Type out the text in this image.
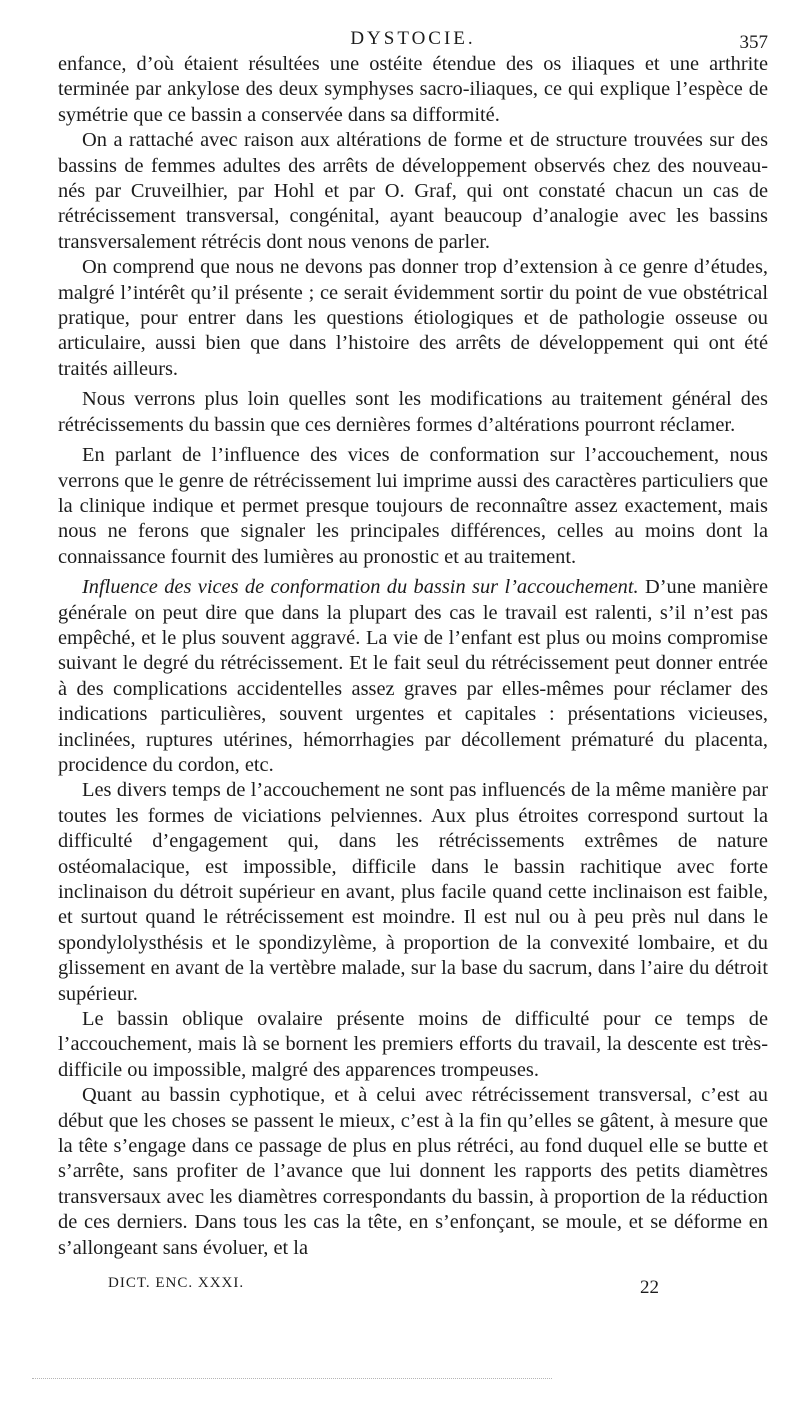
DYSTOCIE.	357

enfance, d’où étaient résultées une ostéite étendue des os iliaques et une arthrite terminée par ankylose des deux symphyses sacro-iliaques, ce qui explique l’espèce de symétrie que ce bassin a conservée dans sa difformité.

On a rattaché avec raison aux altérations de forme et de structure trouvées sur des bassins de femmes adultes des arrêts de développement observés chez des nouveau-nés par Cruveilhier, par Hohl et par O. Graf, qui ont constaté chacun un cas de rétrécissement transversal, congénital, ayant beaucoup d’analogie avec les bassins transversalement rétrécis dont nous venons de parler.

On comprend que nous ne devons pas donner trop d’extension à ce genre d’études, malgré l’intérêt qu’il présente ; ce serait évidemment sortir du point de vue obstétrical pratique, pour entrer dans les questions étiologiques et de pathologie osseuse ou articulaire, aussi bien que dans l’histoire des arrêts de développement qui ont été traités ailleurs.

Nous verrons plus loin quelles sont les modifications au traitement général des rétrécissements du bassin que ces dernières formes d’altérations pourront réclamer.

En parlant de l’influence des vices de conformation sur l’accouchement, nous verrons que le genre de rétrécissement lui imprime aussi des caractères particuliers que la clinique indique et permet presque toujours de reconnaître assez exactement, mais nous ne ferons que signaler les principales différences, celles au moins dont la connaissance fournit des lumières au pronostic et au traitement.

Influence des vices de conformation du bassin sur l’accouchement. D’une manière générale on peut dire que dans la plupart des cas le travail est ralenti, s’il n’est pas empêché, et le plus souvent aggravé. La vie de l’enfant est plus ou moins compromise suivant le degré du rétrécissement. Et le fait seul du rétrécissement peut donner entrée à des complications accidentelles assez graves par elles-mêmes pour réclamer des indications particulières, souvent urgentes et capitales : présentations vicieuses, inclinées, ruptures utérines, hémorrhagies par décollement prématuré du placenta, procidence du cordon, etc.

Les divers temps de l’accouchement ne sont pas influencés de la même manière par toutes les formes de viciations pelviennes. Aux plus étroites correspond surtout la difficulté d’engagement qui, dans les rétrécissements extrêmes de nature ostéomalacique, est impossible, difficile dans le bassin rachitique avec forte inclinaison du détroit supérieur en avant, plus facile quand cette inclinaison est faible, et surtout quand le rétrécissement est moindre. Il est nul ou à peu près nul dans le spondylolysthésis et le spondizylème, à proportion de la convexité lombaire, et du glissement en avant de la vertèbre malade, sur la base du sacrum, dans l’aire du détroit supérieur.

Le bassin oblique ovalaire présente moins de difficulté pour ce temps de l’accouchement, mais là se bornent les premiers efforts du travail, la descente est très-difficile ou impossible, malgré des apparences trompeuses.

Quant au bassin cyphotique, et à celui avec rétrécissement transversal, c’est au début que les choses se passent le mieux, c’est à la fin qu’elles se gâtent, à mesure que la tête s’engage dans ce passage de plus en plus rétréci, au fond duquel elle se butte et s’arrête, sans profiter de l’avance que lui donnent les rapports des petits diamètres transversaux avec les diamètres correspondants du bassin, à proportion de la réduction de ces derniers. Dans tous les cas la tête, en s’enfonçant, se moule, et se déforme en s’allongeant sans évoluer, et la

DICT. ENC. XXXI.	22
